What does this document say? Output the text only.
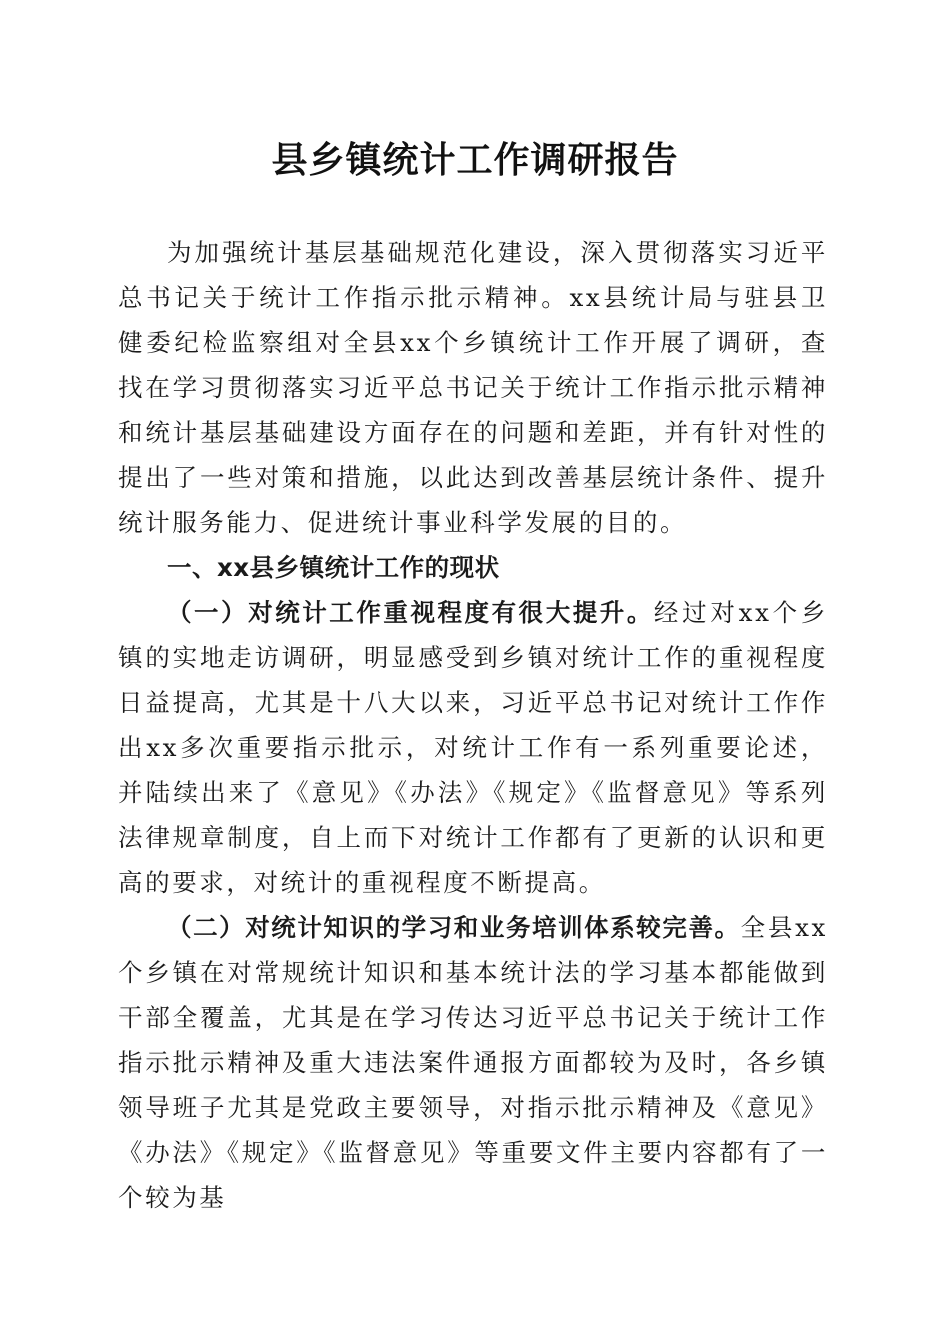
县乡镇统计工作调研报告

为加强统计基层基础规范化建设，深入贯彻落实习近平总书记关于统计工作指示批示精神。xx县统计局与驻县卫健委纪检监察组对全县xx个乡镇统计工作开展了调研，查找在学习贯彻落实习近平总书记关于统计工作指示批示精神和统计基层基础建设方面存在的问题和差距，并有针对性的提出了一些对策和措施，以此达到改善基层统计条件、提升统计服务能力、促进统计事业科学发展的目的。

一、xx县乡镇统计工作的现状

（一）对统计工作重视程度有很大提升。经过对xx个乡镇的实地走访调研，明显感受到乡镇对统计工作的重视程度日益提高，尤其是十八大以来，习近平总书记对统计工作作出xx多次重要指示批示，对统计工作有一系列重要论述，并陆续出来了《意见》《办法》《规定》《监督意见》等系列法律规章制度，自上而下对统计工作都有了更新的认识和更高的要求，对统计的重视程度不断提高。

（二）对统计知识的学习和业务培训体系较完善。全县xx个乡镇在对常规统计知识和基本统计法的学习基本都能做到干部全覆盖，尤其是在学习传达习近平总书记关于统计工作指示批示精神及重大违法案件通报方面都较为及时，各乡镇领导班子尤其是党政主要领导，对指示批示精神及《意见》《办法》《规定》《监督意见》等重要文件主要内容都有了一个较为基
